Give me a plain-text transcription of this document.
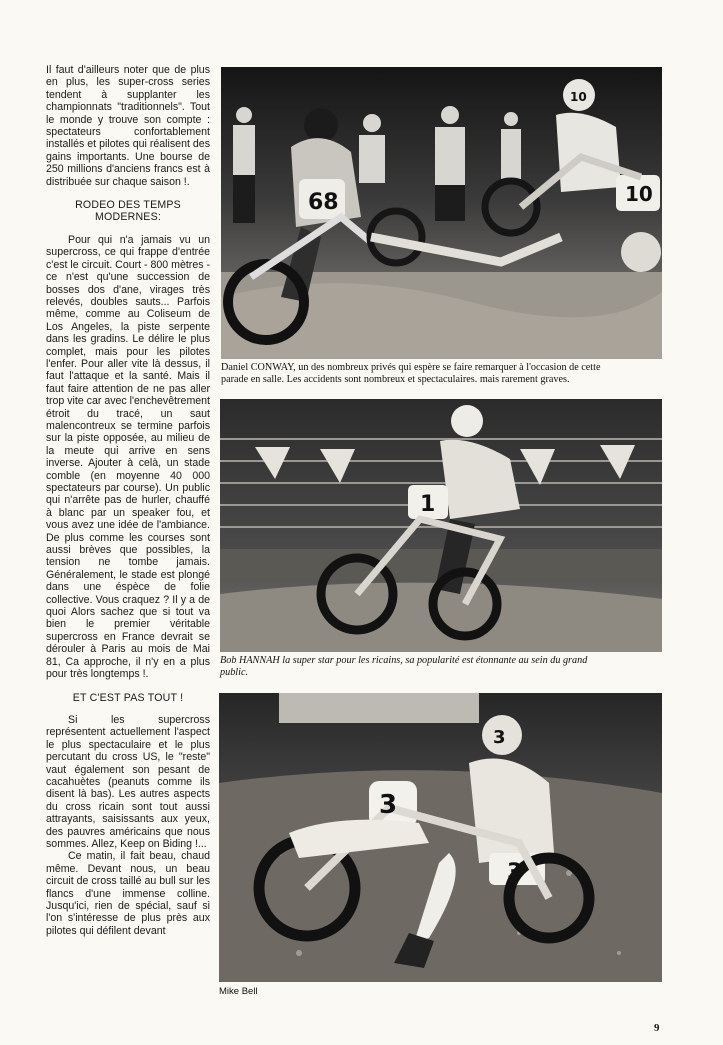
Il faut d'ailleurs noter que de plus en plus, les super-cross series tendent à supplanter les championnats "traditionnels". Tout le monde y trouve son compte : spectateurs confortablement installés et pilotes qui réalisent des gains importants. Une bourse de 250 millions d'anciens francs est à distribuée sur chaque saison !.

RODEO DES TEMPS MODERNES:

Pour qui n'a jamais vu un supercross, ce qui frappe d'entrée c'est le circuit. Court - 800 mètres - ce n'est qu'une succession de bosses dos d'ane, virages très relevés, doubles sauts... Parfois même, comme au Coliseum de Los Angeles, la piste serpente dans les gradins. Le délire le plus complet, mais pour les pilotes l'enfer. Pour aller vite là dessus, il faut l'attaque et la santé. Mais il faut faire attention de ne pas aller trop vite car avec l'enchevêtrement étroit du tracé, un saut malencontreux se termine parfois sur la piste opposée, au milieu de la meute qui arrive en sens inverse. Ajouter à celà, un stade comble (en moyenne 40 000 spectateurs par course). Un public qui n'arrête pas de hurler, chauffé à blanc par un speaker fou, et vous avez une idée de l'ambiance. De plus comme les courses sont aussi brèves que possibles, la tension ne tombe jamais. Généralement, le stade est plongé dans une éspèce de folie collective. Vous craquez ? Il y a de quoi Alors sachez que si tout va bien le premier véritable supercross en France devrait se dérouler à Paris au mois de Mai 81, Ca approche, il n'y en a plus pour très longtemps !.

ET C'EST PAS TOUT !

Si les supercross représentent actuellement l'aspect le plus spectaculaire et le plus percutant du cross US, le "reste" vaut également son pesant de cacahuètes (peanuts comme ils disent là bas). Les autres aspects du cross ricain sont tout aussi attrayants, saisissants aux yeux, des pauvres américains que nous sommes. Allez, Keep on Biding !...

Ce matin, il fait beau, chaud même. Devant nous, un beau circuit de cross taillé au bull sur les flancs d'une immense colline. Jusqu'ici, rien de spécial, sauf si l'on s'intéresse de plus près aux pilotes qui défilent devant

68	10
10
Daniel CONWAY, un des nombreux privés qui espère se faire remarquer à l'occasion de cette parade en salle. Les accidents sont nombreux et spectaculaires. mais rarement graves.
1
Bob HANNAH la super star pour les ricains, sa popularité est étonnante au sein du grand public.
3
3
3
Mike Bell
9
